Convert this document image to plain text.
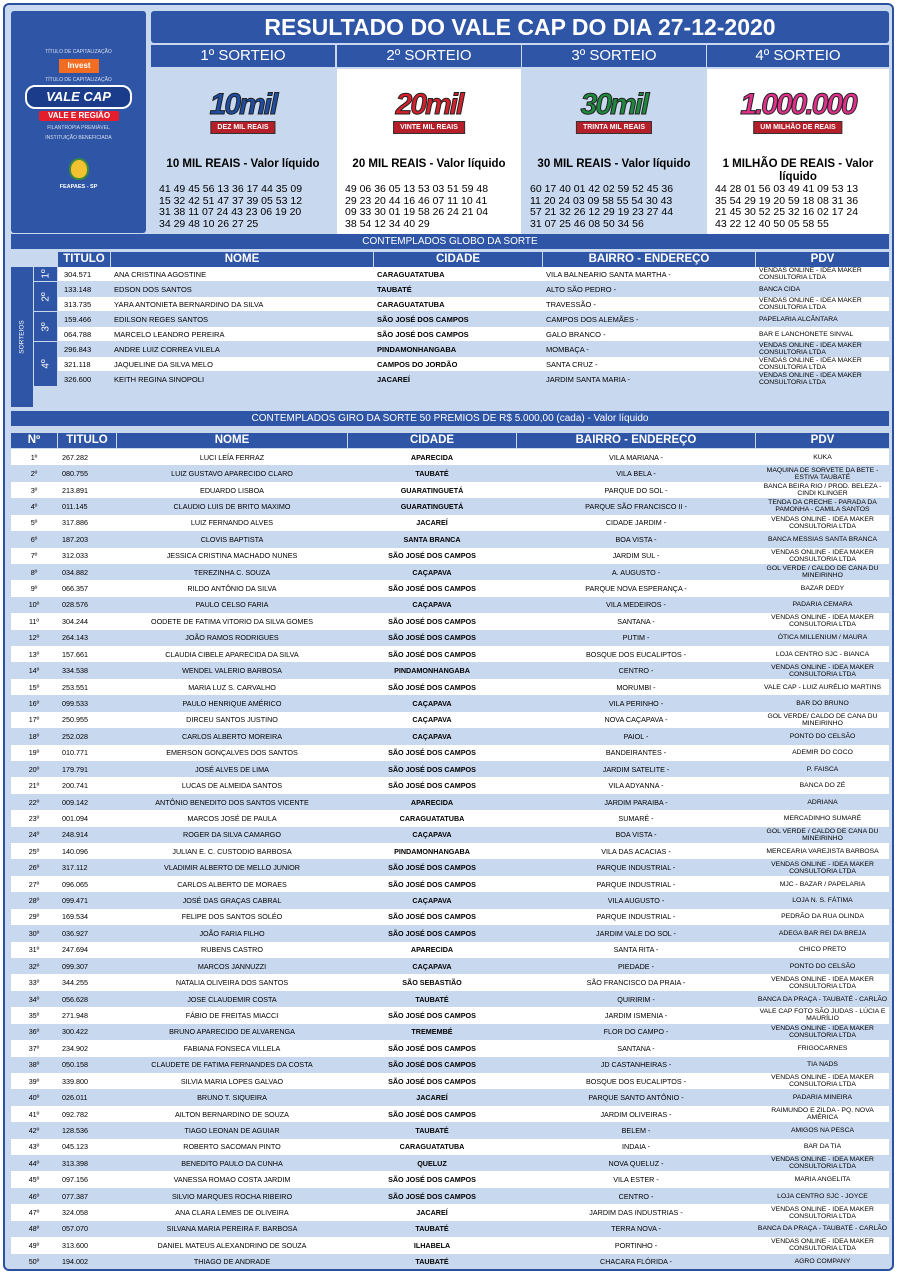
TÍTULO DE CAPITALIZAÇÃO
Invest
TÍTULO DE CAPITALIZAÇÃO
VALE CAP
VALE E REGIÃO
FILANTROPIA PREMIÁVEL
INSTITUIÇÃO BENEFICIADA
FEAPAES - SP
RESULTADO DO VALE CAP DO DIA 27-12-2020
1º SORTEIO
10mil
DEZ MIL REAIS
10 MIL REAIS - Valor líquido
41 49 45 56 13 36 17 44 35 09
15 32 42 51 47 37 39 05 53 12
31 38 11 07 24 43 23 06 19 20
34 29 48 10 26 27 25
2º SORTEIO
20mil
VINTE MIL REAIS
20 MIL REAIS - Valor líquido
49 06 36 05 13 53 03 51 59 48
29 23 20 44 16 46 07 11 10 41
09 33 30 01 19 58 26 24 21 04
38 54 12 34 40 29
3º SORTEIO
30mil
TRINTA MIL REAIS
30 MIL REAIS - Valor líquido
60 17 40 01 42 02 59 52 45 36
11 20 24 03 09 58 55 54 30 43
57 21 32 26 12 29 19 23 27 44
31 07 25 46 08 50 34 56
4º SORTEIO
1.000.000
UM MILHÃO DE REAIS
1 MILHÃO DE REAIS - Valor líquido
44 28 01 56 03 49 41 09 53 13
35 54 29 19 20 59 18 08 31 36
21 45 30 52 25 32 16 02 17 24
43 22 12 40 50 05 58 55
CONTEMPLADOS GLOBO DA SORTE
TITULO	NOME	CIDADE	BAIRRO - ENDEREÇO	PDV
SORTEIOS
1º	304.571	ANA CRISTINA AGOSTINE	CARAGUATATUBA	VILA BALNEARIO SANTA MARTHA -	VENDAS ONLINE - IDEA MAKER CONSULTORIA LTDA
2º
133.148	EDSON DOS SANTOS	TAUBATÉ	ALTO SÃO PEDRO -	BANCA CIDA
313.735	YARA ANTONIETA BERNARDINO DA SILVA	CARAGUATATUBA	TRAVESSÃO -	VENDAS ONLINE - IDEA MAKER CONSULTORIA LTDA
3º
159.466	EDILSON REGES SANTOS	SÃO JOSÉ DOS CAMPOS	CAMPOS DOS ALEMÃES -	PAPELARIA ALCÂNTARA
064.788	MARCELO LEANDRO PEREIRA	SÃO JOSÉ DOS CAMPOS	GALO BRANCO -	BAR E LANCHONETE SINVAL
4º
296.843	ANDRE LUIZ CORREA VILELA	PINDAMONHANGABA	MOMBAÇA -	VENDAS ONLINE - IDEA MAKER CONSULTORIA LTDA
321.118	JAQUELINE DA SILVA MELO	CAMPOS DO JORDÃO	SANTA CRUZ -	VENDAS ONLINE - IDEA MAKER CONSULTORIA LTDA
326.600	KEITH REGINA SINOPOLI	JACAREÍ	JARDIM SANTA MARIA -	VENDAS ONLINE - IDEA MAKER CONSULTORIA LTDA
CONTEMPLADOS GIRO DA SORTE 50 PREMIOS DE R$ 5.000,00 (cada) - Valor líquido
Nº	TITULO	NOME	CIDADE	BAIRRO - ENDEREÇO	PDV
1º	267.282	LUCI LEÍA FERRAZ	APARECIDA	VILA MARIANA -	KUKA
2º	080.755	LUIZ GUSTAVO APARECIDO CLARO	TAUBATÉ	VILA BELA -	MAQUINA DE SORVETE DA BETE - ESTIVA TAUBATÉ
3º	213.891	EDUARDO LISBOA	GUARATINGUETÁ	PARQUE DO SOL -	BANCA BEIRA RIO / PROD. BELEZA - CINDI KLINGER
4º	011.145	CLAUDIO LUIS DE BRITO MAXIMO	GUARATINGUETÁ	PARQUE SÃO FRANCISCO II -	TENDA DA CRECHE - PARADA DA PAMONHA - CAMILA SANTOS
5º	317.886	LUIZ FERNANDO ALVES	JACAREÍ	CIDADE JARDIM -	VENDAS ONLINE - IDEA MAKER CONSULTORIA LTDA
6º	187.203	CLOVIS BAPTISTA	SANTA BRANCA	BOA VISTA -	BANCA MESSIAS SANTA BRANCA
7º	312.033	JESSICA CRISTINA MACHADO NUNES	SÃO JOSÉ DOS CAMPOS	JARDIM SUL -	VENDAS ONLINE - IDEA MAKER CONSULTORIA LTDA
8º	034.882	TEREZINHA C. SOUZA	CAÇAPAVA	A. AUGUSTO -	GOL VERDE / CALDO DE CANA DU MINEIRINHO
9º	066.357	RILDO ANTÔNIO DA SILVA	SÃO JOSÉ DOS CAMPOS	PARQUE NOVA ESPERANÇA -	BAZAR DEDY
10º	028.576	PAULO CELSO FARIA	CAÇAPAVA	VILA MEDEIROS -	PADARIA CEMARA
11º	304.244	OODETE DE FATIMA VITORIO DA SILVA GOMES	SÃO JOSÉ DOS CAMPOS	SANTANA -	VENDAS ONLINE - IDEA MAKER CONSULTORIA LTDA
12º	264.143	JOÃO RAMOS RODRIGUES	SÃO JOSÉ DOS CAMPOS	PUTIM -	ÓTICA MILLENIUM / MAURA
13º	157.661	CLAUDIA CIBELE APARECIDA DA SILVA	SÃO JOSÉ DOS CAMPOS	BOSQUE DOS EUCALIPTOS -	LOJA CENTRO SJC - BIANCA
14º	334.538	WENDEL VALERIO BARBOSA	PINDAMONHANGABA	CENTRO -	VENDAS ONLINE - IDEA MAKER CONSULTORIA LTDA
15º	253.551	MARIA LUZ S. CARVALHO	SÃO JOSÉ DOS CAMPOS	MORUMBI -	VALE CAP - LUIZ AURÉLIO MARTINS
16º	099.533	PAULO HENRIQUE AMÉRICO	CAÇAPAVA	VILA PERINHO -	BAR DO BRUNO
17º	250.955	DIRCEU SANTOS JUSTINO	CAÇAPAVA	NOVA CAÇAPAVA -	GOL VERDE/ CALDO DE CANA DU MINEIRINHO
18º	252.028	CARLOS ALBERTO MOREIRA	CAÇAPAVA	PAIOL -	PONTO DO CELSÃO
19º	010.771	EMERSON GONÇALVES DOS SANTOS	SÃO JOSÉ DOS CAMPOS	BANDEIRANTES -	ADEMIR DO COCO
20º	179.791	JOSÉ ALVES DE LIMA	SÃO JOSÉ DOS CAMPOS	JARDIM SATELITE -	P. FAISCA
21º	200.741	LUCAS DE ALMEIDA SANTOS	SÃO JOSÉ DOS CAMPOS	VILA ADYANNA -	BANCA DO ZÉ
22º	009.142	ANTÔNIO BENEDITO DOS SANTOS VICENTE	APARECIDA	JARDIM PARAIBA -	ADRIANA
23º	001.094	MARCOS JOSÉ DE PAULA	CARAGUATATUBA	SUMARÉ -	MERCADINHO SUMARÉ
24º	248.914	ROGER DA SILVA CAMARGO	CAÇAPAVA	BOA VISTA -	GOL VERDE / CALDO DE CANA DU MINEIRINHO
25º	140.096	JULIAN E. C. CUSTODIO BARBOSA	PINDAMONHANGABA	VILA DAS ACACIAS -	MERCEARIA VAREJISTA BARBOSA
26º	317.112	VLADIMIR ALBERTO DE MELLO JUNIOR	SÃO JOSÉ DOS CAMPOS	PARQUE INDUSTRIAL -	VENDAS ONLINE - IDEA MAKER CONSULTORIA LTDA
27º	096.065	CARLOS ALBERTO DE MORAES	SÃO JOSÉ DOS CAMPOS	PARQUE INDUSTRIAL -	MJC - BAZAR / PAPELARIA
28º	099.471	JOSÉ DAS GRAÇAS CABRAL	CAÇAPAVA	VILA AUGUSTO -	LOJA N. S. FÁTIMA
29º	169.534	FELIPE DOS SANTOS SOLÉO	SÃO JOSÉ DOS CAMPOS	PARQUE INDUSTRIAL -	PEDRÃO DA RUA OLINDA
30º	036.927	JOÃO FARIA FILHO	SÃO JOSÉ DOS CAMPOS	JARDIM VALE DO SOL -	ADEGA BAR REI DA BREJA
31º	247.694	RUBENS CASTRO	APARECIDA	SANTA RITA -	CHICO PRETO
32º	099.307	MARCOS JANNUZZI	CAÇAPAVA	PIEDADE -	PONTO DO CELSÃO
33º	344.255	NATALIA OLIVEIRA DOS SANTOS	SÃO SEBASTIÃO	SÃO FRANCISCO DA PRAIA -	VENDAS ONLINE - IDEA MAKER CONSULTORIA LTDA
34º	056.628	JOSE CLAUDEMIR COSTA	TAUBATÉ	QUIRIRIM -	BANCA DA PRAÇA - TAUBATÉ - CARLÃO
35º	271.948	FÁBIO DE FREITAS MIACCI	SÃO JOSÉ DOS CAMPOS	JARDIM ISMENIA -	VALE CAP FOTO SÃO JUDAS - LÚCIA E MAURÍLIO
36º	300.422	BRUNO APARECIDO DE ALVARENGA	TREMEMBÉ	FLOR DO CAMPO -	VENDAS ONLINE - IDEA MAKER CONSULTORIA LTDA
37º	234.902	FABIANA FONSECA VILLELA	SÃO JOSÉ DOS CAMPOS	SANTANA -	FRIGOCARNES
38º	050.158	CLAUDETE DE FATIMA FERNANDES DA COSTA	SÃO JOSÉ DOS CAMPOS	JD CASTANHEIRAS -	TIA NADS
39º	339.800	SILVIA MARIA LOPES GALVAO	SÃO JOSÉ DOS CAMPOS	BOSQUE DOS EUCALIPTOS -	VENDAS ONLINE - IDEA MAKER CONSULTORIA LTDA
40º	026.011	BRUNO T. SIQUEIRA	JACAREÍ	PARQUE SANTO ANTÔNIO -	PADARIA MINEIRA
41º	092.782	AILTON BERNARDINO DE SOUZA	SÃO JOSÉ DOS CAMPOS	JARDIM OLIVEIRAS -	RAIMUNDO E ZILDA - PQ. NOVA AMÉRICA
42º	128.536	TIAGO LEONAN DE AGUIAR	TAUBATÉ	BELEM -	AMIGOS NA PESCA
43º	045.123	ROBERTO SACOMAN PINTO	CARAGUATATUBA	INDAIA -	BAR DA TIA
44º	313.398	BENEDITO PAULO DA CUNHA	QUELUZ	NOVA QUELUZ -	VENDAS ONLINE - IDEA MAKER CONSULTORIA LTDA
45º	097.156	VANESSA ROMAO COSTA JARDIM	SÃO JOSÉ DOS CAMPOS	VILA ESTER -	MARIA ANGELITA
46º	077.387	SILVIO MARQUES ROCHA RIBEIRO	SÃO JOSÉ DOS CAMPOS	CENTRO -	LOJA CENTRO SJC - JOYCE
47º	324.058	ANA CLARA LEMES DE OLIVEIRA	JACAREÍ	JARDIM DAS INDUSTRIAS -	VENDAS ONLINE - IDEA MAKER CONSULTORIA LTDA
48º	057.070	SILVANA MARIA PEREIRA F. BARBOSA	TAUBATÉ	TERRA NOVA -	BANCA DA PRAÇA - TAUBATÉ - CARLÃO
49º	313.600	DANIEL MATEUS ALEXANDRINO DE SOUZA	ILHABELA	PORTINHO -	VENDAS ONLINE - IDEA MAKER CONSULTORIA LTDA
50º	194.002	THIAGO DE ANDRADE	TAUBATÉ	CHACARA FLÓRIDA -	AGRO COMPANY
